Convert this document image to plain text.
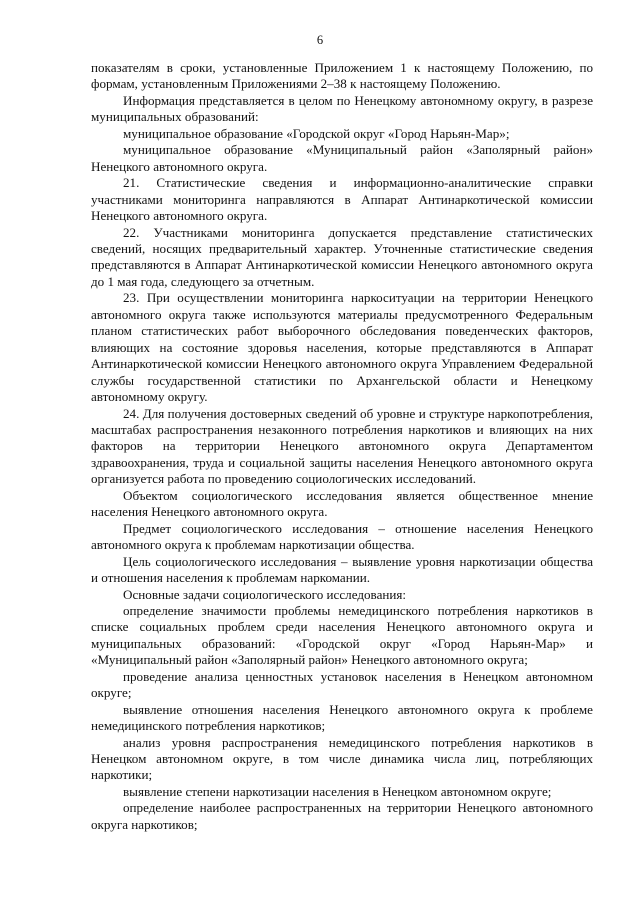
6

показателям в сроки, установленные Приложением 1 к настоящему Положению, по формам, установленным Приложениями 2–38 к настоящему Положению.

Информация представляется в целом по Ненецкому автономному округу, в разрезе муниципальных образований:

муниципальное образование «Городской округ «Город Нарьян-Мар»;

муниципальное образование «Муниципальный район «Заполярный район» Ненецкого автономного округа.

21. Статистические сведения и информационно-аналитические справки участниками мониторинга направляются в Аппарат Антинаркотической комиссии Ненецкого автономного округа.

22. Участниками мониторинга допускается представление статистических сведений, носящих предварительный характер. Уточненные статистические сведения представляются в Аппарат Антинаркотической комиссии Ненецкого автономного округа до 1 мая года, следующего за отчетным.

23. При осуществлении мониторинга наркоситуации на территории Ненецкого автономного округа также используются материалы предусмотренного Федеральным планом статистических работ выборочного обследования поведенческих факторов, влияющих на состояние здоровья населения, которые представляются в Аппарат Антинаркотической комиссии Ненецкого автономного округа Управлением Федеральной службы государственной статистики по Архангельской области и Ненецкому автономному округу.

24. Для получения достоверных сведений об уровне и структуре наркопотребления, масштабах распространения незаконного потребления наркотиков и влияющих на них факторов на территории Ненецкого автономного округа Департаментом здравоохранения, труда и социальной защиты населения Ненецкого автономного округа организуется работа по проведению социологических исследований.

Объектом социологического исследования является общественное мнение населения Ненецкого автономного округа.

Предмет социологического исследования – отношение населения Ненецкого автономного округа к проблемам наркотизации общества.

Цель социологического исследования – выявление уровня наркотизации общества и отношения населения к проблемам наркомании.

Основные задачи социологического исследования:

определение значимости проблемы немедицинского потребления наркотиков в списке социальных проблем среди населения Ненецкого автономного округа и муниципальных образований: «Городской округ «Город Нарьян-Мар» и «Муниципальный район «Заполярный район» Ненецкого автономного округа;

проведение анализа ценностных установок населения в Ненецком автономном округе;

выявление отношения населения Ненецкого автономного округа к проблеме немедицинского потребления наркотиков;

анализ уровня распространения немедицинского потребления наркотиков в Ненецком автономном округе, в том числе динамика числа лиц, потребляющих наркотики;

выявление степени наркотизации населения в Ненецком автономном округе;

определение наиболее распространенных на территории Ненецкого автономного округа наркотиков;
